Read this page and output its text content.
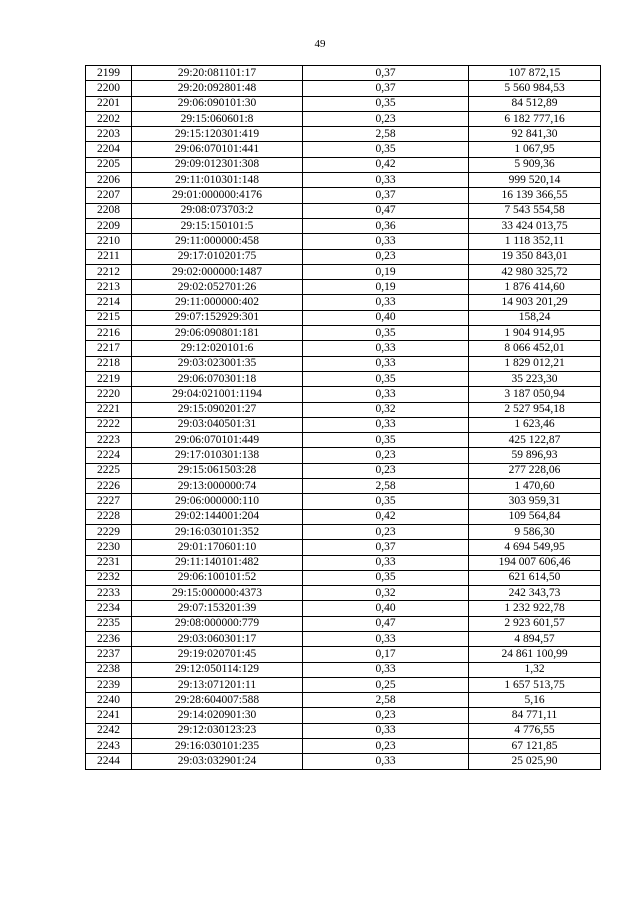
49
2199	29:20:081101:17	0,37	107 872,15
2200	29:20:092801:48	0,37	5 560 984,53
2201	29:06:090101:30	0,35	84 512,89
2202	29:15:060601:8	0,23	6 182 777,16
2203	29:15:120301:419	2,58	92 841,30
2204	29:06:070101:441	0,35	1 067,95
2205	29:09:012301:308	0,42	5 909,36
2206	29:11:010301:148	0,33	999 520,14
2207	29:01:000000:4176	0,37	16 139 366,55
2208	29:08:073703:2	0,47	7 543 554,58
2209	29:15:150101:5	0,36	33 424 013,75
2210	29:11:000000:458	0,33	1 118 352,11
2211	29:17:010201:75	0,23	19 350 843,01
2212	29:02:000000:1487	0,19	42 980 325,72
2213	29:02:052701:26	0,19	1 876 414,60
2214	29:11:000000:402	0,33	14 903 201,29
2215	29:07:152929:301	0,40	158,24
2216	29:06:090801:181	0,35	1 904 914,95
2217	29:12:020101:6	0,33	8 066 452,01
2218	29:03:023001:35	0,33	1 829 012,21
2219	29:06:070301:18	0,35	35 223,30
2220	29:04:021001:1194	0,33	3 187 050,94
2221	29:15:090201:27	0,32	2 527 954,18
2222	29:03:040501:31	0,33	1 623,46
2223	29:06:070101:449	0,35	425 122,87
2224	29:17:010301:138	0,23	59 896,93
2225	29:15:061503:28	0,23	277 228,06
2226	29:13:000000:74	2,58	1 470,60
2227	29:06:000000:110	0,35	303 959,31
2228	29:02:144001:204	0,42	109 564,84
2229	29:16:030101:352	0,23	9 586,30
2230	29:01:170601:10	0,37	4 694 549,95
2231	29:11:140101:482	0,33	194 007 606,46
2232	29:06:100101:52	0,35	621 614,50
2233	29:15:000000:4373	0,32	242 343,73
2234	29:07:153201:39	0,40	1 232 922,78
2235	29:08:000000:779	0,47	2 923 601,57
2236	29:03:060301:17	0,33	4 894,57
2237	29:19:020701:45	0,17	24 861 100,99
2238	29:12:050114:129	0,33	1,32
2239	29:13:071201:11	0,25	1 657 513,75
2240	29:28:604007:588	2,58	5,16
2241	29:14:020901:30	0,23	84 771,11
2242	29:12:030123:23	0,33	4 776,55
2243	29:16:030101:235	0,23	67 121,85
2244	29:03:032901:24	0,33	25 025,90
